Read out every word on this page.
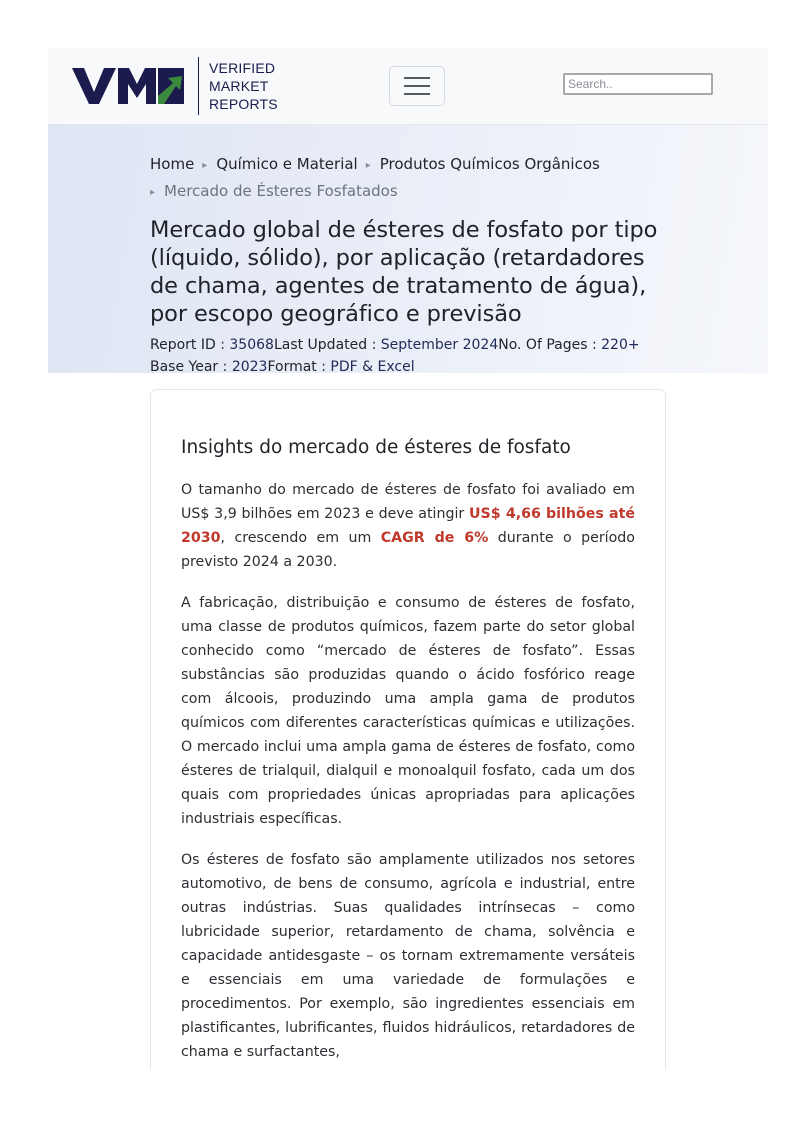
VERIFIED
MARKET
REPORTS
Search..
Home ▸ Químico e Material ▸ Produtos Químicos Orgânicos
▸ Mercado de Ésteres Fosfatados
Mercado global de ésteres de fosfato por tipo (líquido, sólido), por aplicação (retardadores de chama, agentes de tratamento de água), por escopo geográfico e previsão
Report ID : 35068Last Updated : September 2024No. Of Pages : 220+
Base Year : 2023Format : PDF & Excel
Insights do mercado de ésteres de fosfato

O tamanho do mercado de ésteres de fosfato foi avaliado em US$ 3,9 bilhões em 2023 e deve atingir US$ 4,66 bilhões até 2030, crescendo em um CAGR de 6% durante o período previsto 2024 a 2030.

A fabricação, distribuição e consumo de ésteres de fosfato, uma classe de produtos químicos, fazem parte do setor global conhecido como “mercado de ésteres de fosfato”. Essas substâncias são produzidas quando o ácido fosfórico reage com álcoois, produzindo uma ampla gama de produtos químicos com diferentes características químicas e utilizações. O mercado inclui uma ampla gama de ésteres de fosfato, como ésteres de trialquil, dialquil e monoalquil fosfato, cada um dos quais com propriedades únicas apropriadas para aplicações industriais específicas.

Os ésteres de fosfato são amplamente utilizados nos setores automotivo, de bens de consumo, agrícola e industrial, entre outras indústrias. Suas qualidades intrínsecas – como lubricidade superior, retardamento de chama, solvência e capacidade antidesgaste – os tornam extremamente versáteis e essenciais em uma variedade de formulações e procedimentos. Por exemplo, são ingredientes essenciais em plastificantes, lubrificantes, fluidos hidráulicos, retardadores de chama e surfactantes,
